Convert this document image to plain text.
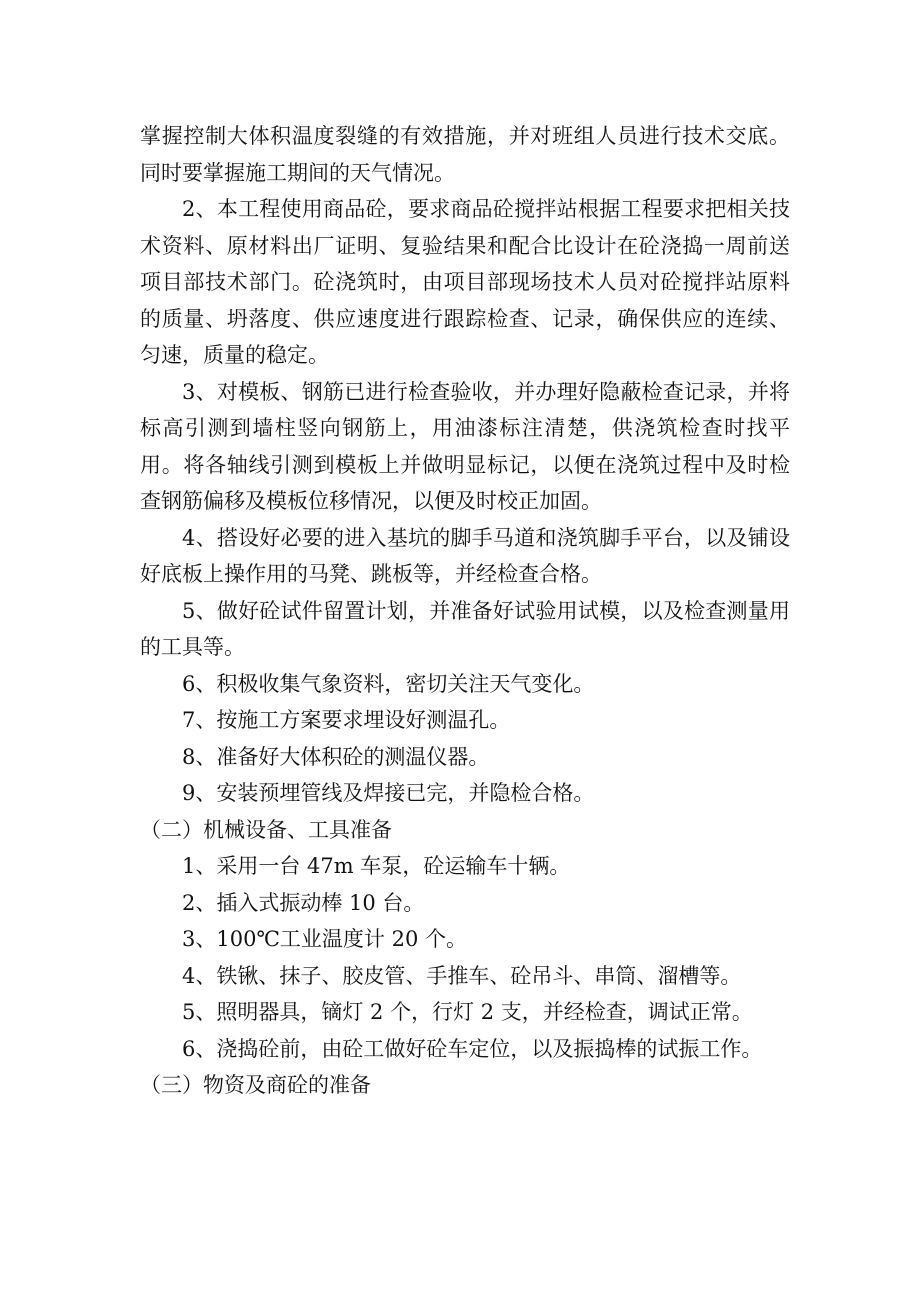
掌握控制大体积温度裂缝的有效措施，并对班组人员进行技术交底。同时要掌握施工期间的天气情况。

2、本工程使用商品砼，要求商品砼搅拌站根据工程要求把相关技术资料、原材料出厂证明、复验结果和配合比设计在砼浇捣一周前送项目部技术部门。砼浇筑时，由项目部现场技术人员对砼搅拌站原料的质量、坍落度、供应速度进行跟踪检查、记录，确保供应的连续、匀速，质量的稳定。

3、对模板、钢筋已进行检查验收，并办理好隐蔽检查记录，并将标高引测到墙柱竖向钢筋上，用油漆标注清楚，供浇筑检查时找平用。将各轴线引测到模板上并做明显标记，以便在浇筑过程中及时检查钢筋偏移及模板位移情况，以便及时校正加固。

4、搭设好必要的进入基坑的脚手马道和浇筑脚手平台，以及铺设好底板上操作用的马凳、跳板等，并经检查合格。

5、做好砼试件留置计划，并准备好试验用试模，以及检查测量用的工具等。

6、积极收集气象资料，密切关注天气变化。

7、按施工方案要求埋设好测温孔。

8、准备好大体积砼的测温仪器。

9、安装预埋管线及焊接已完，并隐检合格。

（二）机械设备、工具准备

1、采用一台 47m 车泵，砼运输车十辆。

2、插入式振动棒 10 台。

3、100℃工业温度计 20 个。

4、铁锹、抹子、胶皮管、手推车、砼吊斗、串筒、溜槽等。

5、照明器具，镝灯 2 个，行灯 2 支，并经检查，调试正常。

6、浇捣砼前，由砼工做好砼车定位，以及振捣棒的试振工作。

（三）物资及商砼的准备
